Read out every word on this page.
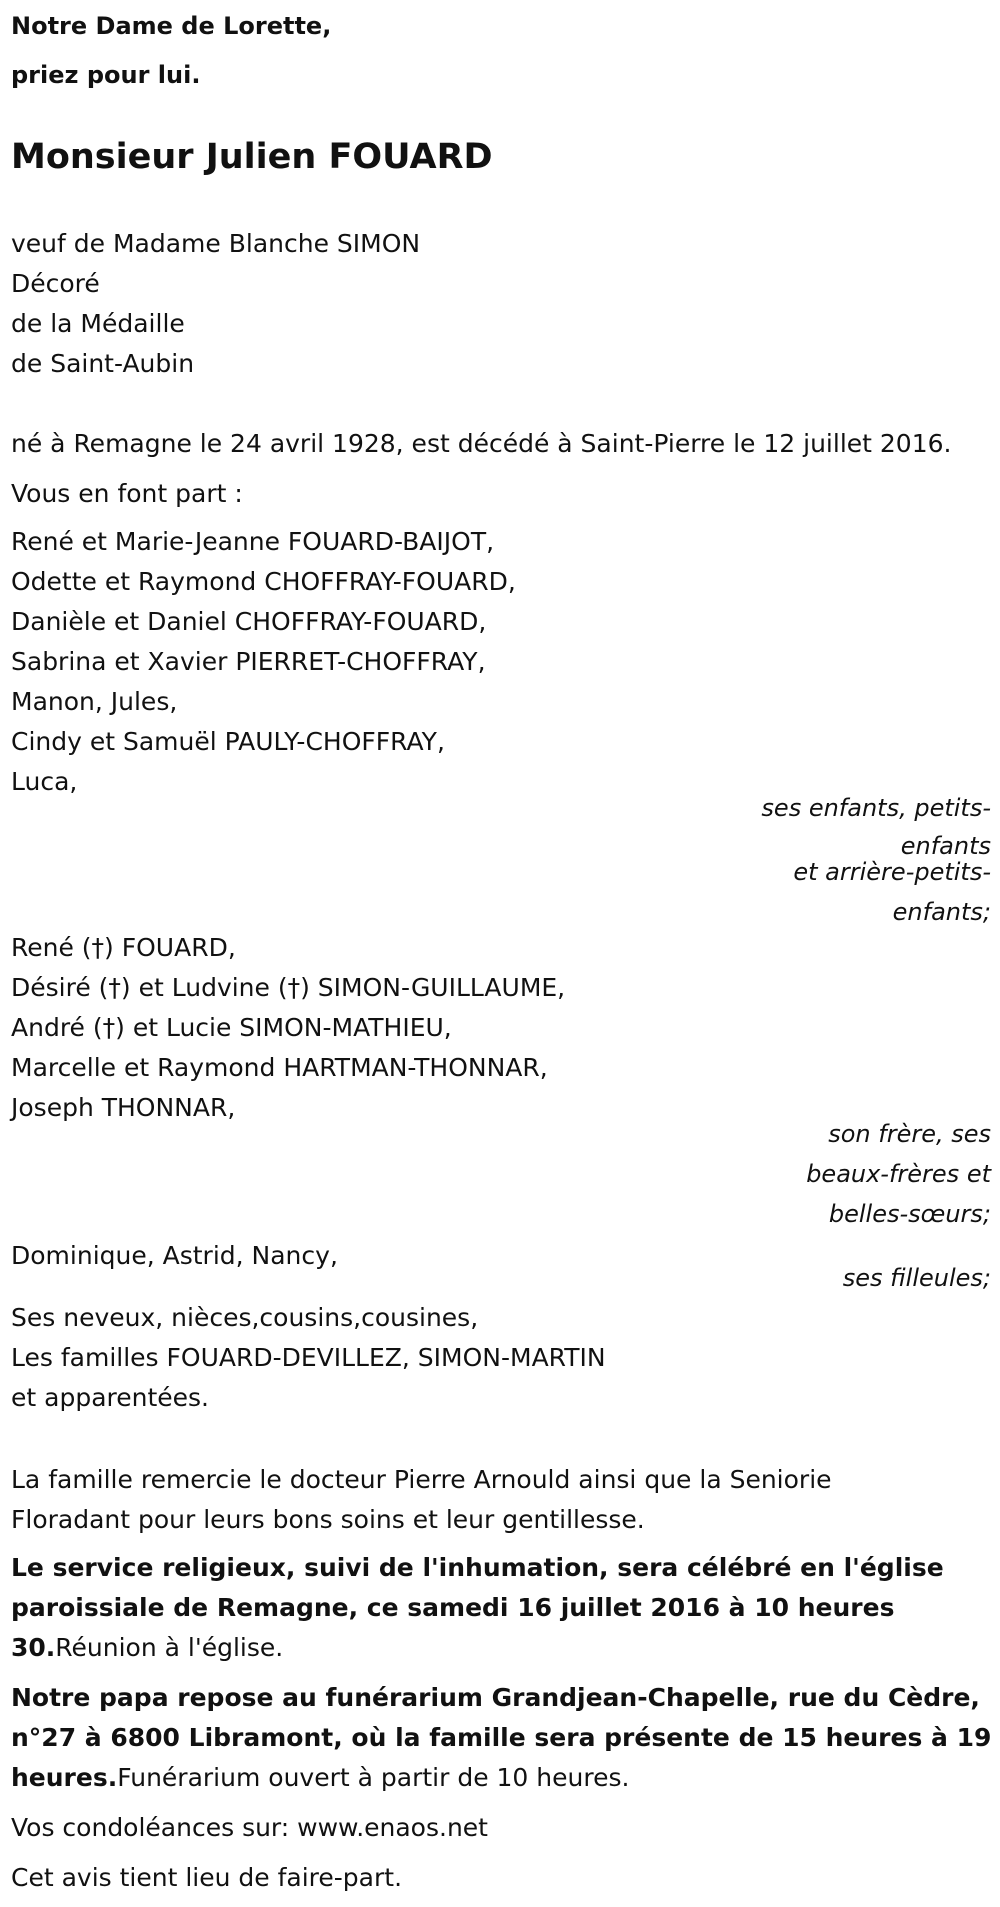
Notre Dame de Lorette,
priez pour lui.
Monsieur Julien FOUARD
veuf de Madame Blanche SIMON
Décoré
de la Médaille
de Saint-Aubin
né à Remagne le 24 avril 1928, est décédé à Saint-Pierre le 12 juillet 2016.
Vous en font part :
René et Marie-Jeanne FOUARD-BAIJOT,
Odette et Raymond CHOFFRAY-FOUARD,
Danièle et Daniel CHOFFRAY-FOUARD,
Sabrina et Xavier PIERRET-CHOFFRAY,
Manon, Jules,
Cindy et Samuël PAULY-CHOFFRAY,
Luca,
ses enfants, petits-
enfants
et arrière-petits-
enfants;
René (†) FOUARD,
Désiré (†) et Ludvine (†) SIMON-GUILLAUME,
André (†) et Lucie SIMON-MATHIEU,
Marcelle et Raymond HARTMAN-THONNAR,
Joseph THONNAR,
son frère, ses
beaux-frères et
belles-sœurs;
Dominique, Astrid, Nancy,
ses filleules;
Ses neveux, nièces,cousins,cousines,
Les familles FOUARD-DEVILLEZ, SIMON-MARTIN
et apparentées.
La famille remercie le docteur Pierre Arnould ainsi que la Seniorie
Floradant pour leurs bons soins et leur gentillesse.
Le service religieux, suivi de l'inhumation, sera célébré en l'église
paroissiale de Remagne, ce samedi 16 juillet 2016 à 10 heures
30.Réunion à l'église.
Notre papa repose au funérarium Grandjean-Chapelle, rue du Cèdre,
n°27 à 6800 Libramont, où la famille sera présente de 15 heures à 19
heures.Funérarium ouvert à partir de 10 heures.
Vos condoléances sur: www.enaos.net
Cet avis tient lieu de faire-part.
